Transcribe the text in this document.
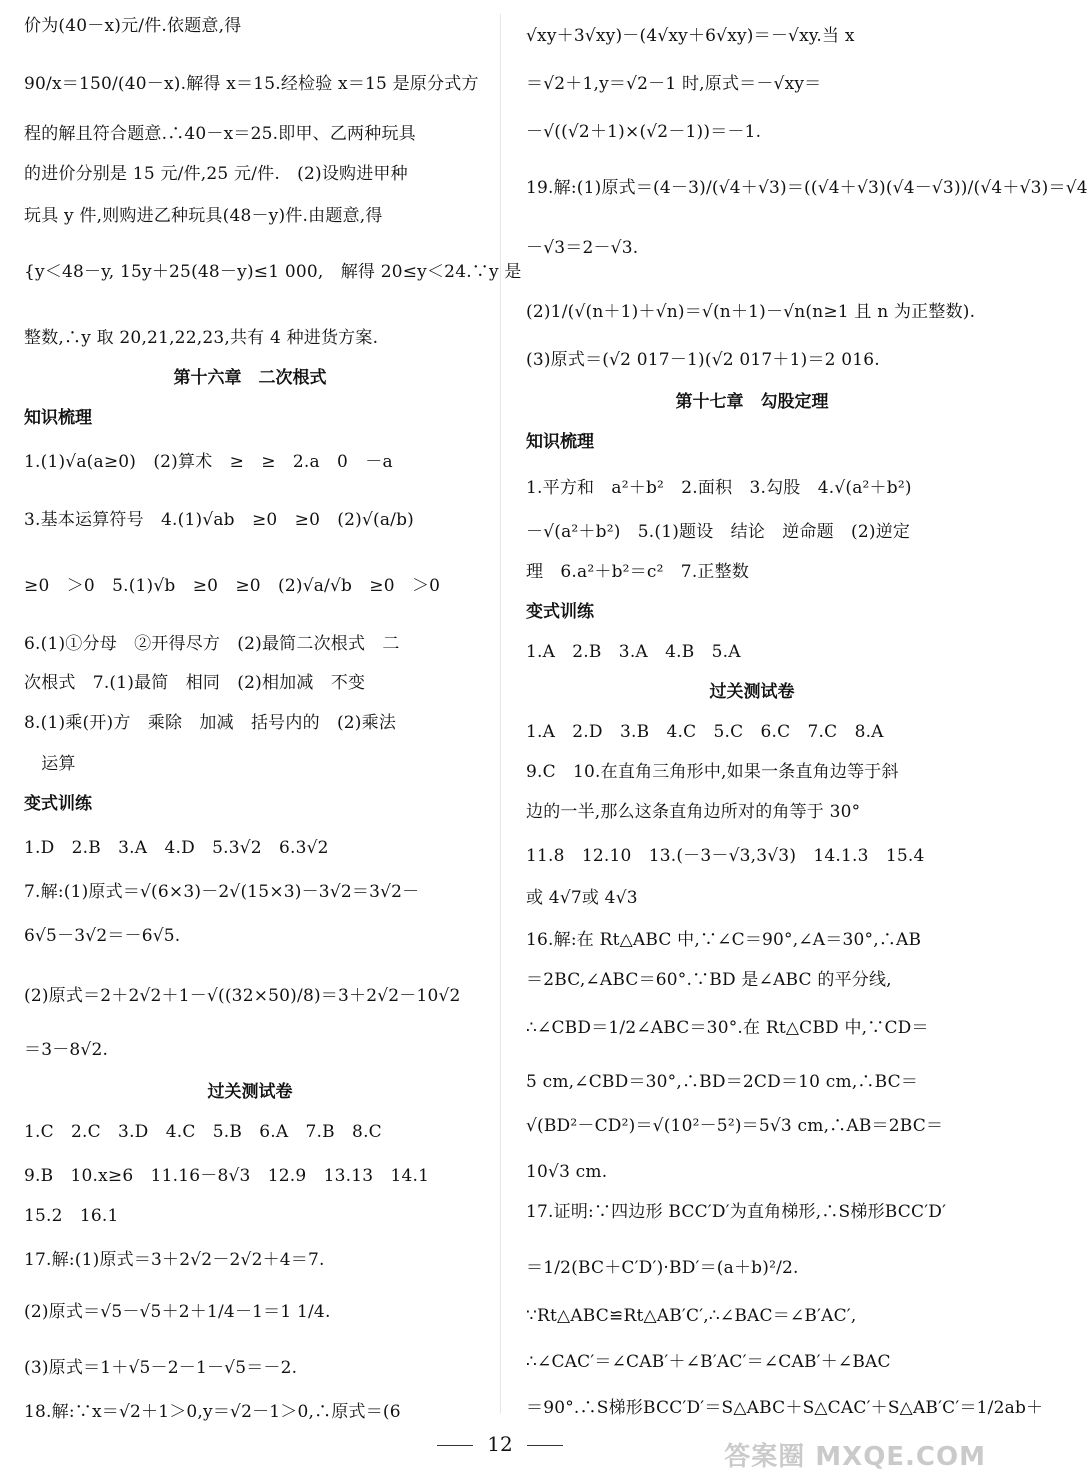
价为(40－x)元/件.依题意,得
90/x＝150/(40－x).解得 x＝15.经检验 x＝15 是原分式方
程的解且符合题意.∴40－x＝25.即甲、乙两种玩具
的进价分别是 15 元/件,25 元/件.　(2)设购进甲种
玩具 y 件,则购进乙种玩具(48－y)件.由题意,得
{y＜48－y, 15y＋25(48－y)≤1 000,　解得 20≤y＜24.∵y 是
整数,∴y 取 20,21,22,23,共有 4 种进货方案.
第十六章　二次根式
知识梳理
1.(1)√a(a≥0)　(2)算术　≥　≥　2.a　0　－a
3.基本运算符号　4.(1)√ab　≥0　≥0　(2)√(a/b)
≥0　＞0　5.(1)√b　≥0　≥0　(2)√a/√b　≥0　＞0
6.(1)①分母　②开得尽方　(2)最简二次根式　二
次根式　7.(1)最简　相同　(2)相加减　不变
8.(1)乘(开)方　乘除　加减　括号内的　(2)乘法
　运算
变式训练
1.D　2.B　3.A　4.D　5.3√2　6.3√2
7.解:(1)原式＝√(6×3)－2√(15×3)－3√2＝3√2－
6√5－3√2＝－6√5.
(2)原式＝2＋2√2＋1－√((32×50)/8)＝3＋2√2－10√2
＝3－8√2.
过关测试卷
1.C　2.C　3.D　4.C　5.B　6.A　7.B　8.C
9.B　10.x≥6　11.16－8√3　12.9　13.13　14.1
15.2　16.1
17.解:(1)原式＝3＋2√2－2√2＋4＝7.
(2)原式＝√5－√5＋2＋1/4－1＝1 1/4.
(3)原式＝1＋√5－2－1－√5＝－2.
18.解:∵x＝√2＋1＞0,y＝√2－1＞0,∴原式＝(6
√xy＋3√xy)－(4√xy＋6√xy)＝－√xy.当 x
＝√2＋1,y＝√2－1 时,原式＝－√xy＝
－√((√2＋1)×(√2－1))＝－1.
19.解:(1)原式＝(4－3)/(√4＋√3)＝((√4＋√3)(√4－√3))/(√4＋√3)＝√4
－√3＝2－√3.
(2)1/(√(n＋1)＋√n)＝√(n＋1)－√n(n≥1 且 n 为正整数).
(3)原式＝(√2 017－1)(√2 017＋1)＝2 016.
第十七章　勾股定理
知识梳理
1.平方和　a²＋b²　2.面积　3.勾股　4.√(a²＋b²)
－√(a²＋b²)　5.(1)题设　结论　逆命题　(2)逆定
理　6.a²＋b²＝c²　7.正整数
变式训练
1.A　2.B　3.A　4.B　5.A
过关测试卷
1.A　2.D　3.B　4.C　5.C　6.C　7.C　8.A
9.C　10.在直角三角形中,如果一条直角边等于斜
边的一半,那么这条直角边所对的角等于 30°
11.8　12.10　13.(－3－√3,3√3)　14.1.3　15.4
或 4√7或 4√3
16.解:在 Rt△ABC 中,∵∠C＝90°,∠A＝30°,∴AB
＝2BC,∠ABC＝60°.∵BD 是∠ABC 的平分线,
∴∠CBD＝1/2∠ABC＝30°.在 Rt△CBD 中,∵CD＝
5 cm,∠CBD＝30°,∴BD＝2CD＝10 cm,∴BC＝
√(BD²－CD²)＝√(10²－5²)＝5√3 cm,∴AB＝2BC＝
10√3 cm.
17.证明:∵四边形 BCC′D′为直角梯形,∴S梯形BCC′D′
＝1/2(BC＋C′D′)·BD′＝(a＋b)²/2.
∵Rt△ABC≌Rt△AB′C′,∴∠BAC＝∠B′AC′,
∴∠CAC′＝∠CAB′＋∠B′AC′＝∠CAB′＋∠BAC
＝90°.∴S梯形BCC′D′＝S△ABC＋S△CAC′＋S△AB′C′＝1/2ab＋
12	答案圈 MXQE.COM
